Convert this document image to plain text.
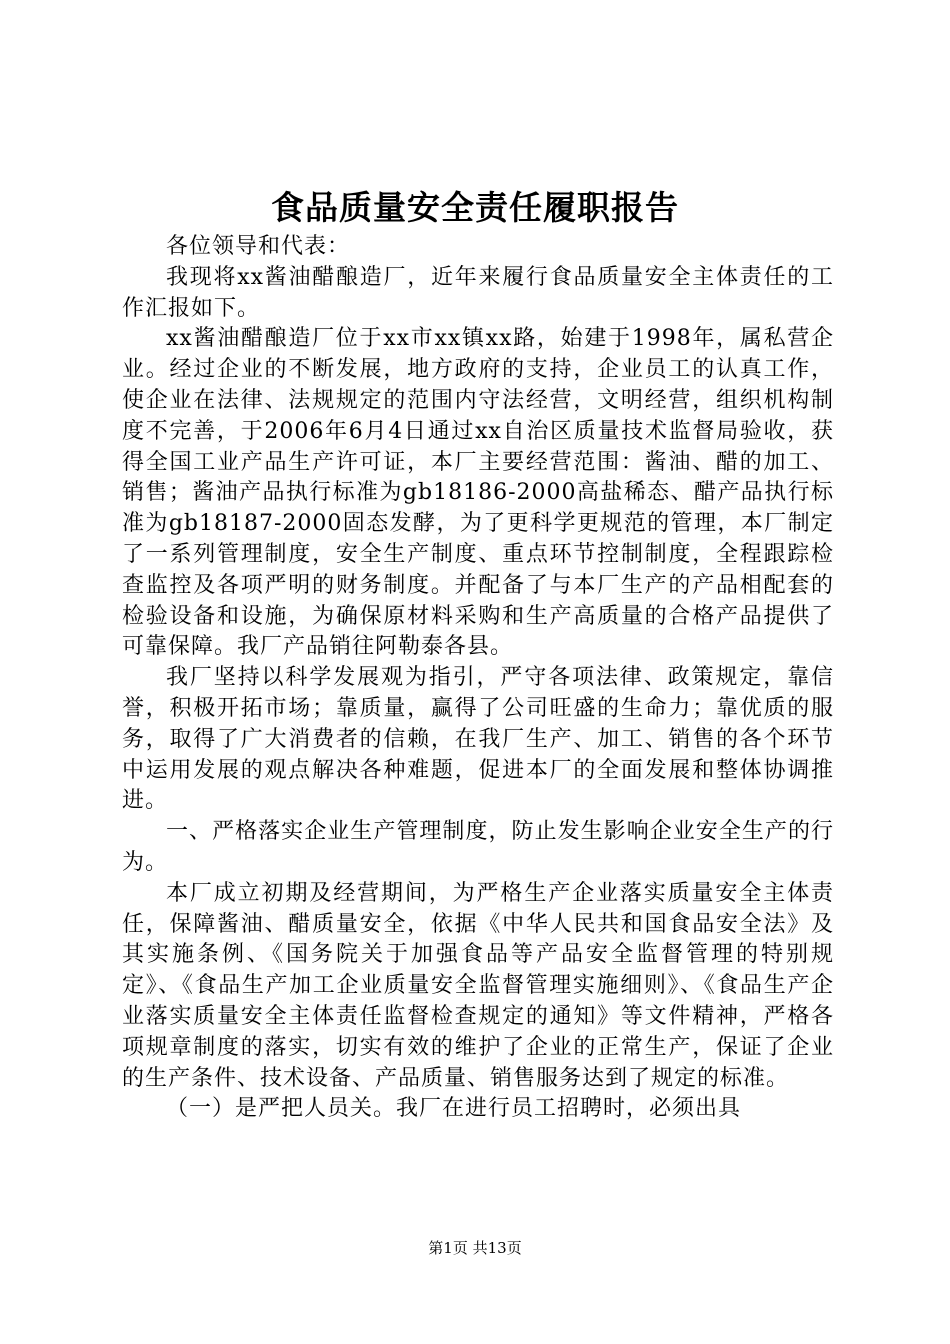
食品质量安全责任履职报告

各位领导和代表：

我现将xx酱油醋酿造厂，近年来履行食品质量安全主体责任的工作汇报如下。

xx酱油醋酿造厂位于xx市xx镇xx路，始建于1998年，属私营企业。经过企业的不断发展，地方政府的支持，企业员工的认真工作，使企业在法律、法规规定的范围内守法经营，文明经营，组织机构制度不完善，于2006年6月4日通过xx自治区质量技术监督局验收，获得全国工业产品生产许可证，本厂主要经营范围：酱油、醋的加工、销售；酱油产品执行标准为gb18186-2000高盐稀态、醋产品执行标准为gb18187-2000固态发酵，为了更科学更规范的管理，本厂制定了一系列管理制度，安全生产制度、重点环节控制制度，全程跟踪检查监控及各项严明的财务制度。并配备了与本厂生产的产品相配套的检验设备和设施，为确保原材料采购和生产高质量的合格产品提供了可靠保障。我厂产品销往阿勒泰各县。

我厂坚持以科学发展观为指引，严守各项法律、政策规定，靠信誉，积极开拓市场；靠质量，赢得了公司旺盛的生命力；靠优质的服务，取得了广大消费者的信赖，在我厂生产、加工、销售的各个环节中运用发展的观点解决各种难题，促进本厂的全面发展和整体协调推进。

一、严格落实企业生产管理制度，防止发生影响企业安全生产的行为。

本厂成立初期及经营期间，为严格生产企业落实质量安全主体责任，保障酱油、醋质量安全，依据《中华人民共和国食品安全法》及其实施条例、《国务院关于加强食品等产品安全监督管理的特别规定》、《食品生产加工企业质量安全监督管理实施细则》、《食品生产企业落实质量安全主体责任监督检查规定的通知》等文件精神，严格各项规章制度的落实，切实有效的维护了企业的正常生产，保证了企业的生产条件、技术设备、产品质量、销售服务达到了规定的标准。

（一）是严把人员关。我厂在进行员工招聘时，必须出具

第1页 共13页
